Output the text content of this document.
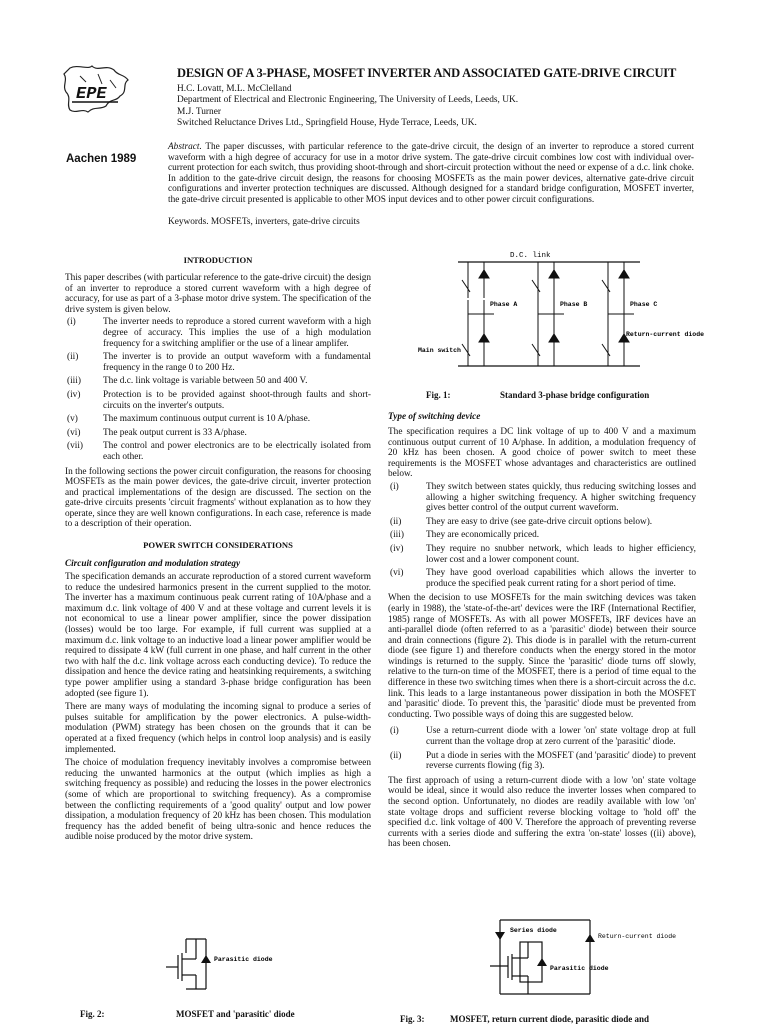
EPE
Aachen 1989
DESIGN OF A 3-PHASE, MOSFET INVERTER AND ASSOCIATED GATE-DRIVE CIRCUIT
H.C. Lovatt, M.L. McClelland
Department of Electrical and Electronic Engineering, The University of Leeds, Leeds, UK.
M.J. Turner
Switched Reluctance Drives Ltd., Springfield House, Hyde Terrace, Leeds, UK.

Abstract. The paper discusses, with particular reference to the gate-drive circuit, the design of an inverter to reproduce a stored current waveform with a high degree of accuracy for use in a motor drive system. The gate-drive circuit combines low cost with individual over-current protection for each switch, thus providing shoot-through and short-circuit protection without the need or expense of a d.c. link choke. In addition to the gate-drive circuit design, the reasons for choosing MOSFETs as the main power devices, alternative gate-drive circuit configurations and inverter protection techniques are discussed. Although designed for a standard bridge configuration, MOSFET inverter, the gate-drive circuit presented is applicable to other MOS input devices and to other power circuit configurations.

Keywords. MOSFETs, inverters, gate-drive circuits

INTRODUCTION

This paper describes (with particular reference to the gate-drive circuit) the design of an inverter to reproduce a stored current waveform with a high degree of accuracy, for use as part of a 3-phase motor drive system. The specification of the drive system is given below.

(i)	The inverter needs to reproduce a stored current waveform with a high degree of accuracy. This implies the use of a high modulation frequency for a switching amplifier or the use of a linear amplifer.
(ii)	The inverter is to provide an output waveform with a fundamental frequency in the range 0 to 200 Hz.
(iii)	The d.c. link voltage is variable between 50 and 400 V.
(iv)	Protection is to be provided against shoot-through faults and short-circuits on the inverter's outputs.
(v)	The maximum continuous output current is 10 A/phase.
(vi)	The peak output current is 33 A/phase.
(vii)	The control and power electronics are to be electrically isolated from each other.

In the following sections the power circuit configuration, the reasons for choosing MOSFETs as the main power devices, the gate-drive circuit, inverter protection and practical implementations of the design are discussed. The section on the gate-drive circuits presents 'circuit fragments' without explanation as to how they operate, since they are well known configurations. In each case, reference is made to a description of their operation.

POWER SWITCH CONSIDERATIONS

Circuit configuration and modulation strategy

The specification demands an accurate reproduction of a stored current waveform to reduce the undesired harmonics present in the current supplied to the motor. The inverter has a maximum continuous peak current rating of 10A/phase and a maximum d.c. link voltage of 400 V and at these voltage and current levels it is not economical to use a linear power amplifier, since the power dissipation (losses) would be too large. For example, if full current was supplied at a maximum d.c. link voltage to an inductive load a linear power amplifier would be required to dissipate 4 kW (full current in one phase, and half current in the other two with half the d.c. link voltage across each conducting device). To reduce the dissipation and hence the device rating and heatsinking requirements, a switching type power amplifier using a standard 3-phase bridge configuration has been adopted (see figure 1).

There are many ways of modulating the incoming signal to produce a series of pulses suitable for amplification by the power electronics. A pulse-width-modulation (PWM) strategy has been chosen on the grounds that it can be operated at a fixed frequency (which helps in control loop analysis) and is easily implemented.

The choice of modulation frequency inevitably involves a compromise between reducing the unwanted harmonics at the output (which implies as high a switching frequency as possible) and reducing the losses in the power electronics (some of which are proportional to switching frequency). As a compromise between the conflicting requirements of a 'good quality' output and low power dissipation, a modulation frequency of 20 kHz has been chosen. This modulation frequency has the added benefit of being ultra-sonic and hence reduces the audible noise produced by the motor drive system.

D.C. link
Phase A	Phase B	Phase C
Return-current diode
Main switch
Fig. 1:	Standard 3-phase bridge configuration

Type of switching device

The specification requires a DC link voltage of up to 400 V and a maximum continuous output current of 10 A/phase. In addition, a modulation frequency of 20 kHz has been chosen. A good choice of power switch to meet these requirements is the MOSFET whose advantages and characteristics are outlined below.

(i)	They switch between states quickly, thus reducing switching losses and allowing a higher switching frequency. A higher switching frequency gives better control of the output current waveform.
(ii)	They are easy to drive (see gate-drive circuit options below).
(iii)	They are economically priced.
(iv)	They require no snubber network, which leads to higher efficiency, lower cost and a lower component count.
(vi)	They have good overload capabilities which allows the inverter to produce the specified peak current rating for a short period of time.

When the decision to use MOSFETs for the main switching devices was taken (early in 1988), the 'state-of-the-art' devices were the IRF (International Rectifier, 1985) range of MOSFETs. As with all power MOSFETs, IRF devices have an anti-parallel diode (often referred to as a 'parasitic' diode) between their source and drain connections (figure 2). This diode is in parallel with the return-current diode (see figure 1) and therefore conducts when the energy stored in the motor windings is returned to the supply. Since the 'parasitic' diode turns off slowly, relative to the turn-on time of the MOSFET, there is a period of time equal to the difference in these two switching times when there is a short-circuit across the d.c. link. This leads to a large instantaneous power dissipation in both the MOSFET and 'parasitic' diode. To prevent this, the 'parasitic' diode must be prevented from conducting. Two possible ways of doing this are suggested below.

(i)	Use a return-current diode with a lower 'on' state voltage drop at full current than the voltage drop at zero current of the 'parasitic' diode.
(ii)	Put a diode in series with the MOSFET (and 'parasitic' diode) to prevent reverse currents flowing (fig 3).

The first approach of using a return-current diode with a low 'on' state voltage would be ideal, since it would also reduce the inverter losses when compared to the second option. Unfortunately, no diodes are readily available with low 'on' state voltage drops and sufficient reverse blocking voltage to 'hold off' the specified d.c. link voltage of 400 V. Therefore the approach of preventing reverse currents with a series diode and suffering the extra 'on-state' losses ((ii) above), has been chosen.

Parasitic diode
Fig. 2:	MOSFET and 'parasitic' diode
Series diode
Return-current diode
Parasitic diode
Fig. 3:	MOSFET, return current diode, parasitic diode and
